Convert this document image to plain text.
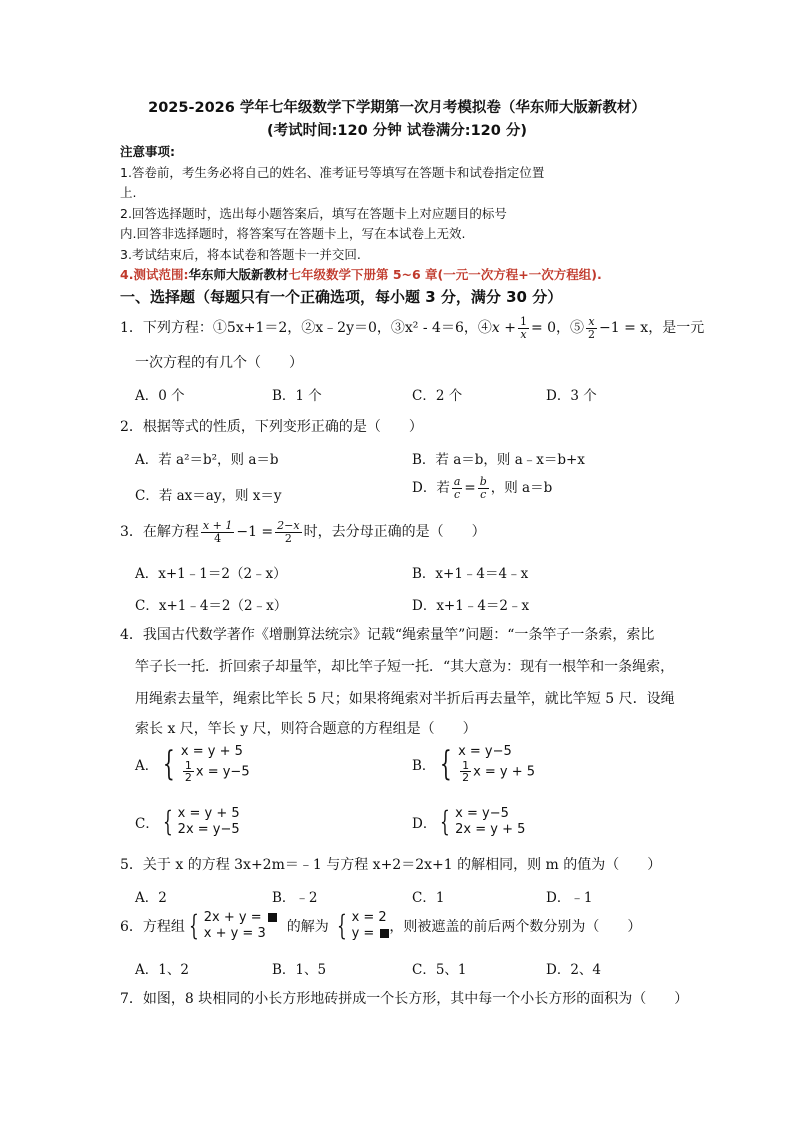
2025-2026 学年七年级数学下学期第一次月考模拟卷（华东师大版新教材）
(考试时间:120 分钟 试卷满分:120 分)
注意事项:
1.答卷前，考生务必将自己的姓名、准考证号等填写在答题卡和试卷指定位置
上.
2.回答选择题时，选出每小题答案后，填写在答题卡上对应题目的标号
内.回答非选择题时，将答案写在答题卡上，写在本试卷上无效.
3.考试结束后，将本试卷和答题卡一并交回.
4.测试范围:华东师大版新教材七年级数学下册第 5~6 章(一元一次方程+一次方程组).
一、选择题（每题只有一个正确选项，每小题 3 分，满分 30 分）
1．下列方程：①5x+1＝2，②x﹣2y＝0，③x² ‑ 4＝6，④x + $\frac{1}{x} = 0$，⑤ $\frac{x}{2} -1 = x$，是一元
一次方程的有几个（　　）
A．0 个	B．1 个	C．2 个	D．3 个
2．根据等式的性质，下列变形正确的是（　　）
A．若 a²＝b²，则 a＝b	B．若 a＝b，则 a﹣x＝b+x
C．若 ax＝ay，则 x＝y	D．若 $\frac{a}{c} = \frac{b}{c}$ ，则 a＝b
3．在解方程 $\frac{x + 1}{4} -1 = \frac{2-x}{2}$ 时，去分母正确的是（　　）
A．x+1﹣1＝2（2﹣x）	B．x+1﹣4＝4﹣x
C．x+1﹣4＝2（2﹣x）	D．x+1﹣4＝2﹣x
4．我国古代数学著作《增删算法统宗》记载“绳索量竿”问题：“一条竿子一条索，索比
竿子长一托．折回索子却量竿，却比竿子短一托．“其大意为：现有一根竿和一条绳索，
用绳索去量竿，绳索比竿长 5 尺；如果将绳索对半折后再去量竿，就比竿短 5 尺．设绳
索长 x 尺，竿长 y 尺，则符合题意的方程组是（　　）
A． { x = y + 5
$\frac{1}{2}$ x = y−5	B． { x = y−5
$\frac{1}{2}$ x = y + 5
C． { x = y + 5
2x = y−5	D． { x = y−5
2x = y + 5
5．关于 x 的方程 3x+2m＝﹣1 与方程 x+2＝2x+1 的解相同，则 m 的值为（　　）
A．2	B．﹣2	C．1	D．﹣1
6．方程组 { 2x + y =
x + y = 3	的解为 { x = 2
y = ，则被遮盖的前后两个数分别为（　　）
A．1、2	B．1、5	C．5、1	D．2、4
7．如图，8 块相同的小长方形地砖拼成一个长方形，其中每一个小长方形的面积为（　　）
